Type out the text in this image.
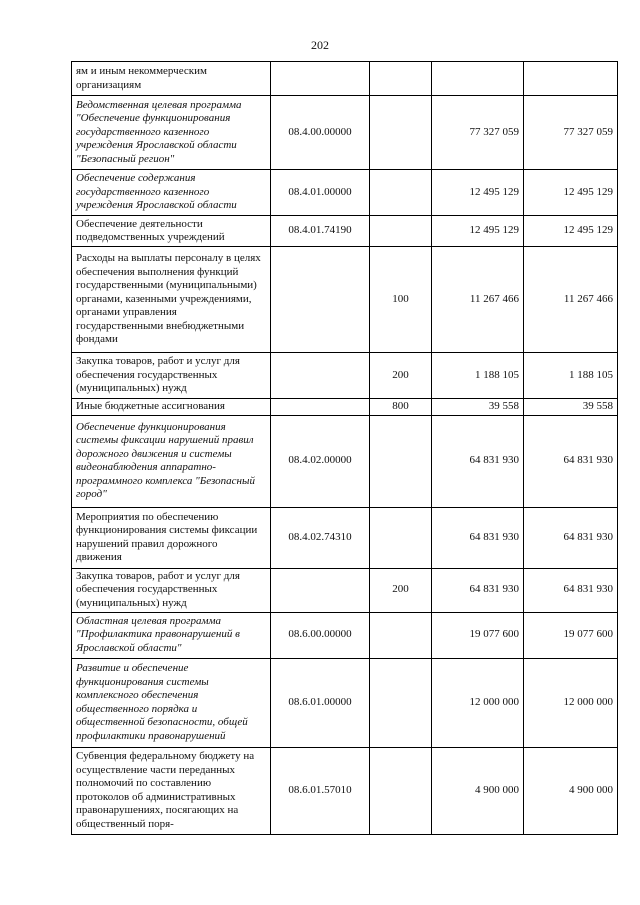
202
ям и иным некоммерческим организациям				
Ведомственная целевая программа "Обеспечение функционирования государственного казенного учреждения Ярославской области "Безопасный регион"	08.4.00.00000		77 327 059	77 327 059
Обеспечение содержания государственного казенного учреждения Ярославской области	08.4.01.00000		12 495 129	12 495 129
Обеспечение деятельности подведомственных учреждений	08.4.01.74190		12 495 129	12 495 129
Расходы на выплаты персоналу в целях обеспечения выполнения функций государственными (муниципальными) органами, казенными учреждениями, органами управления государственными внебюджетными фондами		100	11 267 466	11 267 466
Закупка товаров, работ и услуг для обеспечения государственных (муниципальных) нужд		200	1 188 105	1 188 105
Иные бюджетные ассигнования		800	39 558	39 558
Обеспечение функционирования системы фиксации нарушений правил дорожного движения и системы видеонаблюдения аппаратно-программного комплекса "Безопасный город"	08.4.02.00000		64 831 930	64 831 930
Мероприятия по обеспечению функционирования системы фиксации нарушений правил дорожного движения	08.4.02.74310		64 831 930	64 831 930
Закупка товаров, работ и услуг для обеспечения государственных (муниципальных) нужд		200	64 831 930	64 831 930
Областная целевая программа "Профилактика правонарушений в Ярославской области"	08.6.00.00000		19 077 600	19 077 600
Развитие и обеспечение функционирования системы комплексного обеспечения общественного порядка и общественной безопасности, общей профилактики правонарушений	08.6.01.00000		12 000 000	12 000 000
Субвенция федеральному бюджету на осуществление части переданных полномочий по составлению протоколов об административных правонарушениях, посягающих на общественный поря-	08.6.01.57010		4 900 000	4 900 000
